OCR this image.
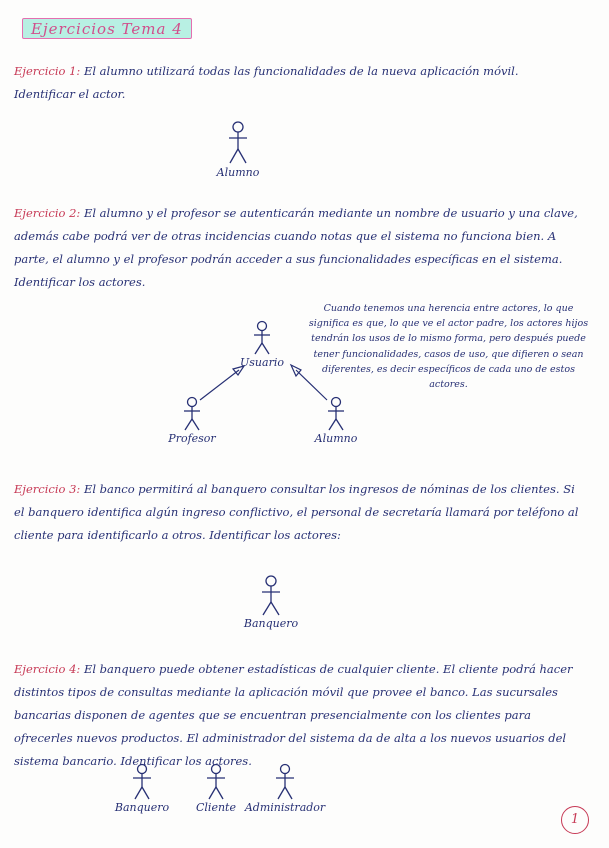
Ejercicios Tema 4
Ejercicio 1: El alumno utilizará todas las funcionalidades de la nueva aplicación móvil. Identificar el actor.
Alumno
Ejercicio 2: El alumno y el profesor se autenticarán mediante un nombre de usuario y una clave, además cabe podrá ver de otras incidencias cuando notas que el sistema no funciona bien. A parte, el alumno y el profesor podrán acceder a sus funcionalidades específicas en el sistema. Identificar los actores.
Usuario
Profesor	Alumno
Cuando tenemos una herencia entre actores, lo que significa es que, lo que ve el actor padre, los actores hijos tendrán los usos de lo mismo forma, pero después puede tener funcionalidades, casos de uso, que difieren o sean diferentes, es decir específicos de cada uno de estos actores.
Ejercicio 3: El banco permitirá al banquero consultar los ingresos de nóminas de los clientes. Si el banquero identifica algún ingreso conflictivo, el personal de secretaría llamará por teléfono al cliente para identificarlo a otros. Identificar los actores:
Banquero
Ejercicio 4: El banquero puede obtener estadísticas de cualquier cliente. El cliente podrá hacer distintos tipos de consultas mediante la aplicación móvil que provee el banco. Las sucursales bancarias disponen de agentes que se encuentran presencialmente con los clientes para ofrecerles nuevos productos. El administrador del sistema da de alta a los nuevos usuarios del sistema bancario. Identificar los actores.
Banquero	Cliente Administrador
1
